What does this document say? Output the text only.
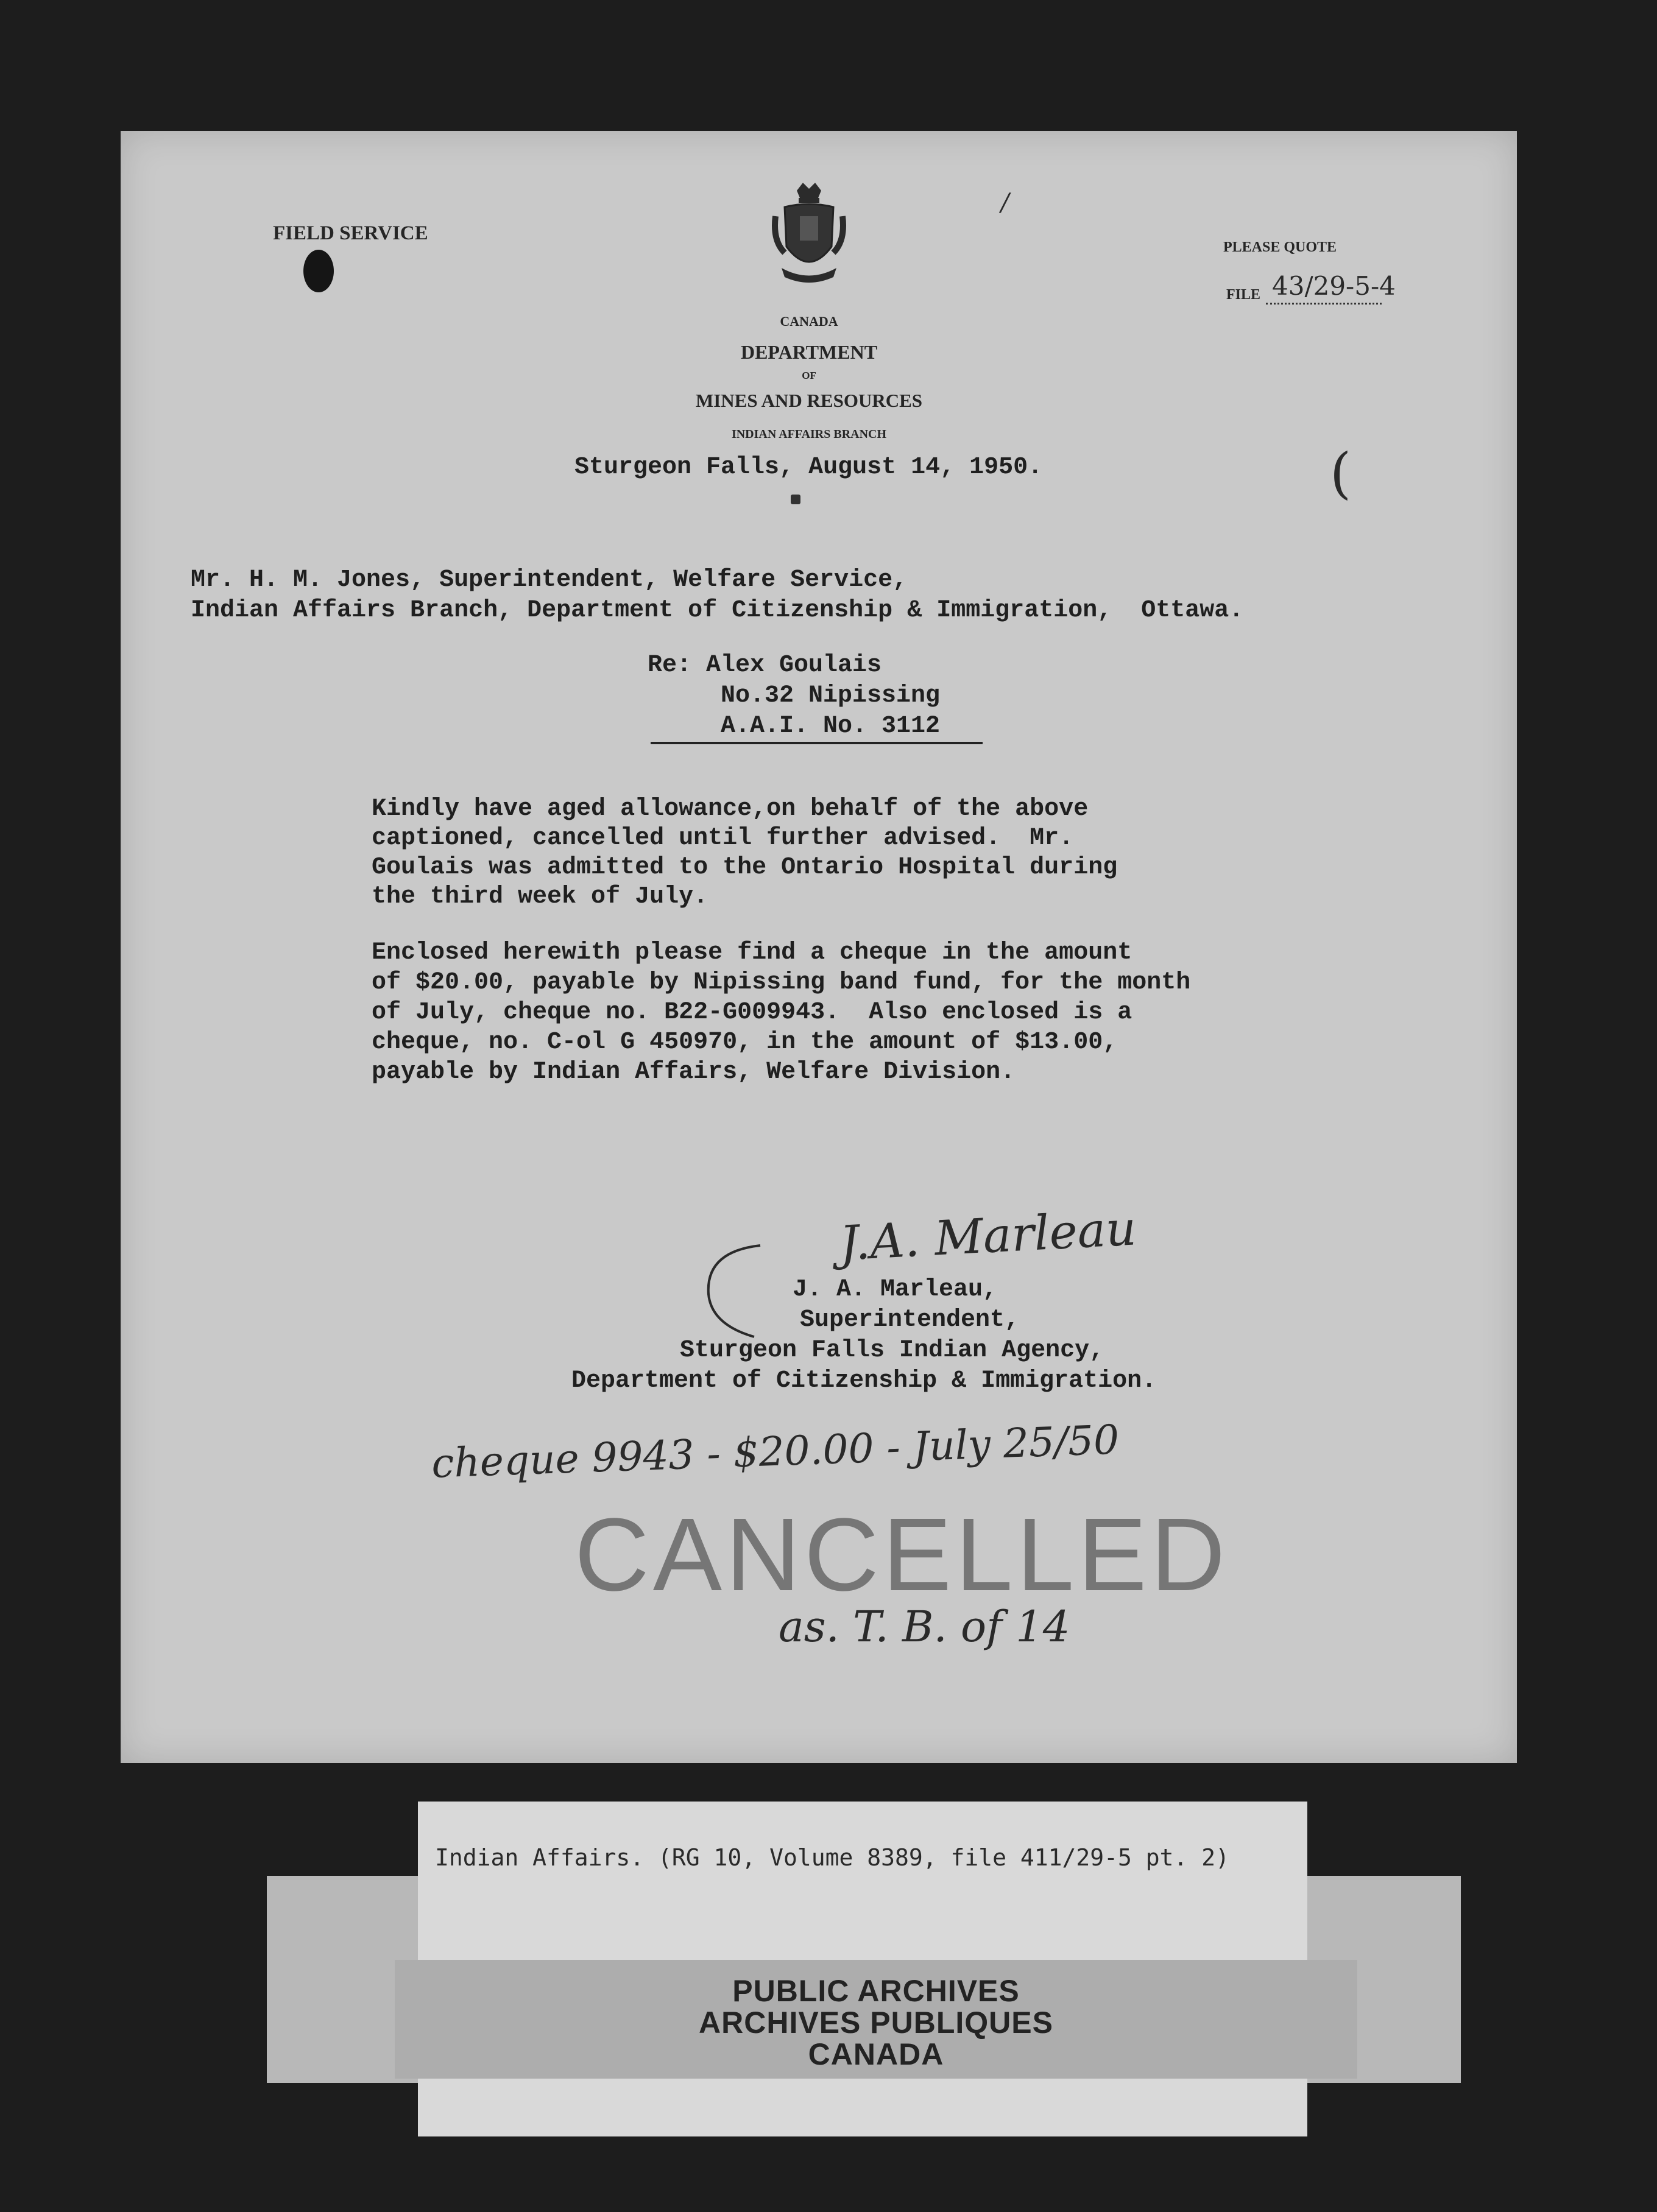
FIELD SERVICE
CANADA
DEPARTMENT
OF
MINES AND RESOURCES
INDIAN AFFAIRS BRANCH
PLEASE QUOTE
FILE 43/29-5-4
/
(
Sturgeon Falls, August 14, 1950.
Mr. H. M. Jones, Superintendent, Welfare Service,
Indian Affairs Branch, Department of Citizenship & Immigration,  Ottawa.
Re: Alex Goulais
No.32 Nipissing
A.A.I. No. 3112
Kindly have aged allowance,on behalf of the above
captioned, cancelled until further advised.  Mr.
Goulais was admitted to the Ontario Hospital during
the third week of July.
Enclosed herewith please find a cheque in the amount
of $20.00, payable by Nipissing band fund, for the month
of July, cheque no. B22-G009943.  Also enclosed is a
cheque, no. C-ol G 450970, in the amount of $13.00,
payable by Indian Affairs, Welfare Division.
J.A. Marleau
J. A. Marleau,
Superintendent,
Sturgeon Falls Indian Agency,
Department of Citizenship & Immigration.
cheque 9943 - $20.00 - July 25/50
CANCELLED
as. T. B. of 14
Indian Affairs. (RG 10, Volume 8389, file 411/29-5 pt. 2)
PUBLIC ARCHIVES
ARCHIVES PUBLIQUES
CANADA
